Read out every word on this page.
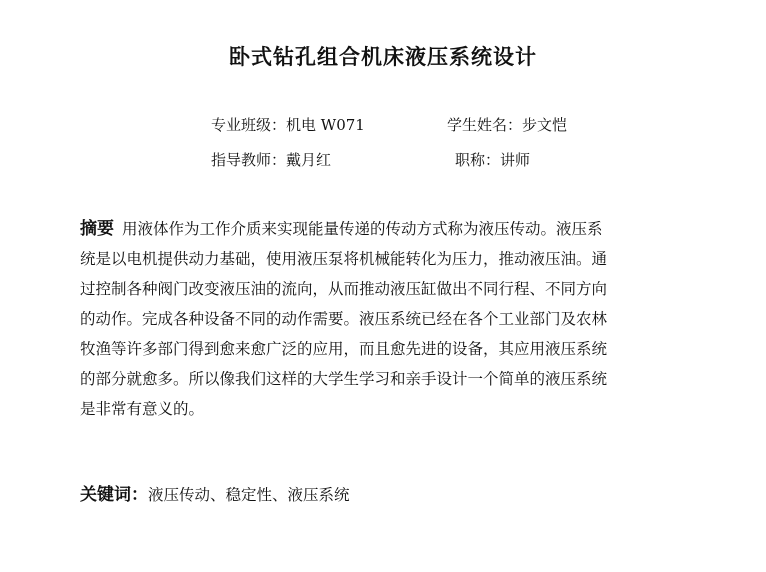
卧式钻孔组合机床液压系统设计
专业班级：机电 W071	学生姓名：步文恺
指导教师：戴月红	职称：讲师
摘要 用液体作为工作介质来实现能量传递的传动方式称为液压传动。液压系
统是以电机提供动力基础，使用液压泵将机械能转化为压力，推动液压油。通
过控制各种阀门改变液压油的流向，从而推动液压缸做出不同行程、不同方向
的动作。完成各种设备不同的动作需要。液压系统已经在各个工业部门及农林
牧渔等许多部门得到愈来愈广泛的应用，而且愈先进的设备，其应用液压系统
的部分就愈多。所以像我们这样的大学生学习和亲手设计一个简单的液压系统
是非常有意义的。
关键词：液压传动、稳定性、液压系统
